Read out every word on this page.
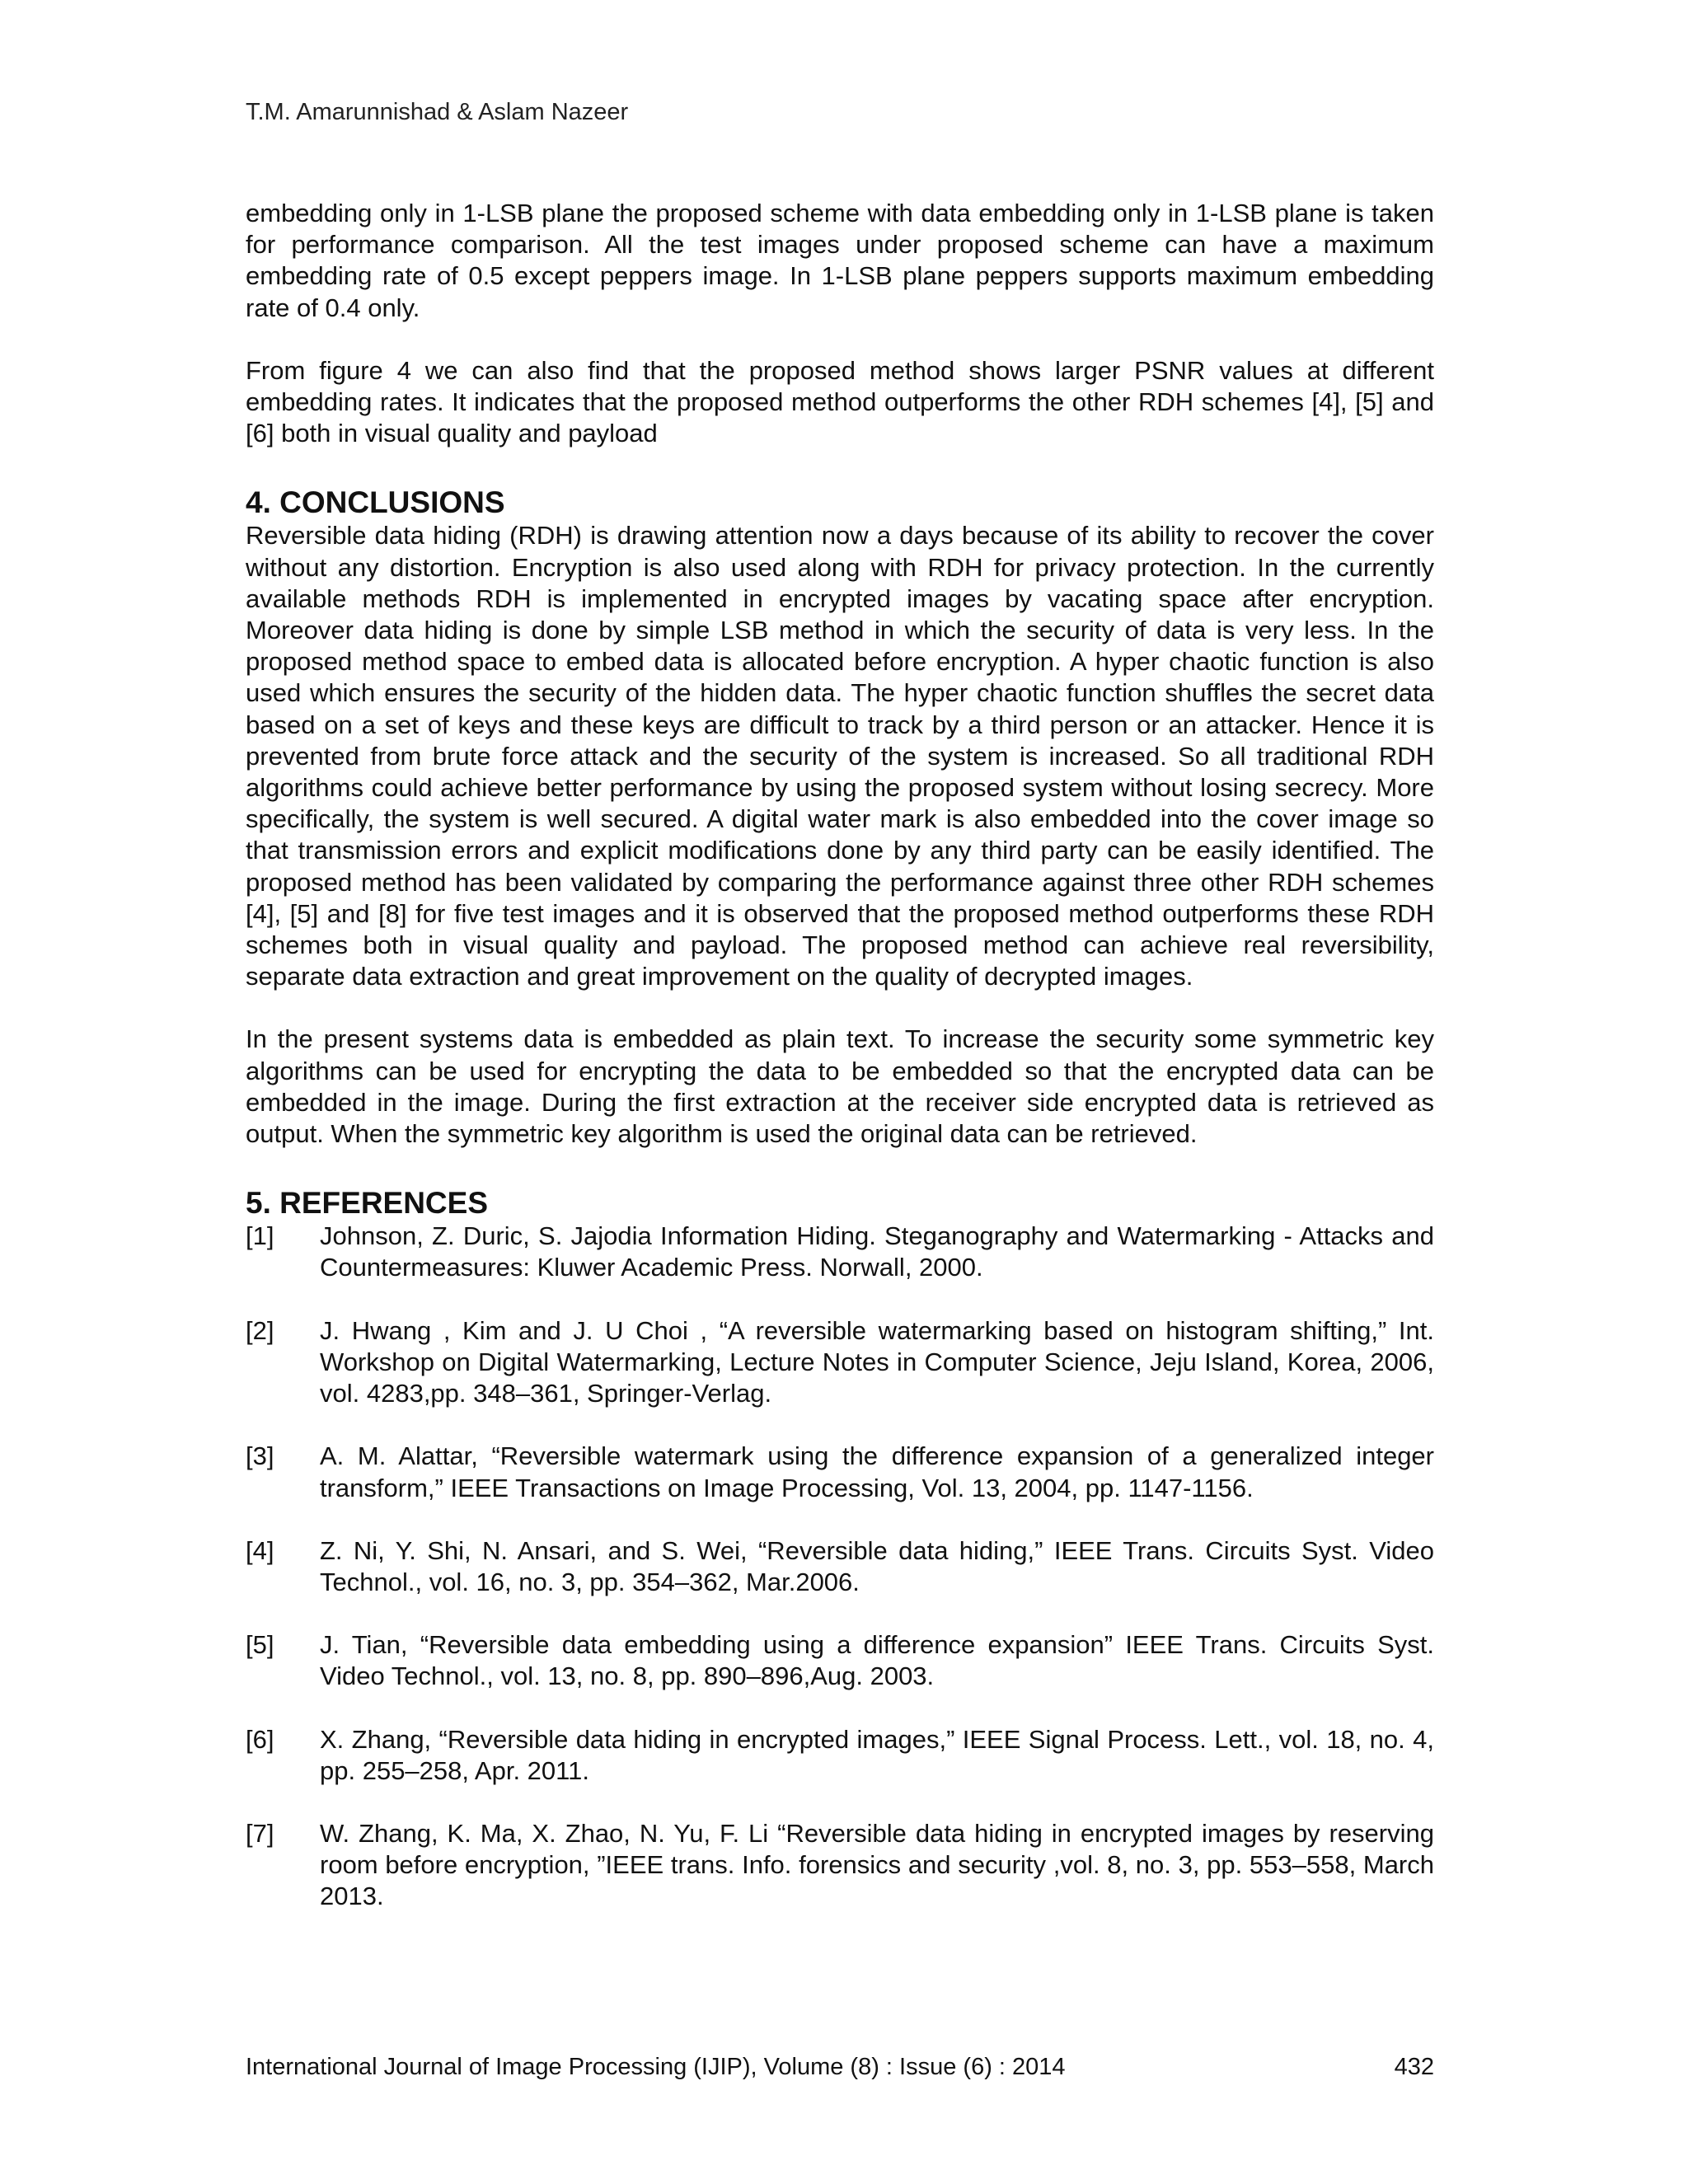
T.M. Amarunnishad & Aslam Nazeer

embedding only in 1-LSB plane the proposed scheme with data embedding only in 1-LSB plane is taken for performance comparison. All the test images under proposed scheme can have a maximum embedding rate of 0.5 except peppers image. In 1-LSB plane peppers supports maximum embedding rate of 0.4 only.

From figure 4 we can also find that the proposed method shows larger PSNR values at different embedding rates. It indicates that the proposed method outperforms the other RDH schemes [4], [5] and [6] both in visual quality and payload

4. CONCLUSIONS

Reversible data hiding (RDH) is drawing attention now a days because of its ability to recover the cover without any distortion. Encryption is also used along with RDH for privacy protection. In the currently available methods RDH is implemented in encrypted images by vacating space after encryption. Moreover data hiding is done by simple LSB method in which the security of data is very less. In the proposed method space to embed data is allocated before encryption. A hyper chaotic function is also used which ensures the security of the hidden data. The hyper chaotic function shuffles the secret data based on a set of keys and these keys are difficult to track by a third person or an attacker. Hence it is prevented from brute force attack and the security of the system is increased. So all traditional RDH algorithms could achieve better performance by using the proposed system without losing secrecy. More specifically, the system is well secured. A digital water mark is also embedded into the cover image so that transmission errors and explicit modifications done by any third party can be easily identified. The proposed method has been validated by comparing the performance against three other RDH schemes [4], [5] and [8] for five test images and it is observed that the proposed method outperforms these RDH schemes both in visual quality and payload. The proposed method can achieve real reversibility, separate data extraction and great improvement on the quality of decrypted images.

In the present systems data is embedded as plain text. To increase the security some symmetric key algorithms can be used for encrypting the data to be embedded so that the encrypted data can be embedded in the image. During the first extraction at the receiver side encrypted data is retrieved as output. When the symmetric key algorithm is used the original data can be retrieved.

5. REFERENCES
[1]	Johnson, Z. Duric, S. Jajodia Information Hiding. Steganography and Watermarking - Attacks and Countermeasures: Kluwer Academic Press. Norwall, 2000.
[2]	J. Hwang , Kim and J. U Choi , “A reversible watermarking based on histogram shifting,” Int. Workshop on Digital Watermarking, Lecture Notes in Computer Science, Jeju Island, Korea, 2006, vol. 4283,pp. 348–361, Springer-Verlag.
[3]	A. M. Alattar, “Reversible watermark using the difference expansion of a generalized integer transform,” IEEE Transactions on Image Processing, Vol. 13, 2004, pp. 1147-1156.
[4]	Z. Ni, Y. Shi, N. Ansari, and S. Wei, “Reversible data hiding,” IEEE Trans. Circuits Syst. Video Technol., vol. 16, no. 3, pp. 354–362, Mar.2006.
[5]	J. Tian, “Reversible data embedding using a difference expansion” IEEE Trans. Circuits Syst. Video Technol., vol. 13, no. 8, pp. 890–896,Aug. 2003.
[6]	X. Zhang, “Reversible data hiding in encrypted images,” IEEE Signal Process. Lett., vol. 18, no. 4, pp. 255–258, Apr. 2011.
[7]	W. Zhang, K. Ma, X. Zhao, N. Yu, F. Li “Reversible data hiding in encrypted images by reserving room before encryption, ”IEEE trans. Info. forensics and security ,vol. 8, no. 3, pp. 553–558, March 2013.
International Journal of Image Processing (IJIP), Volume (8) : Issue (6) : 2014	432
